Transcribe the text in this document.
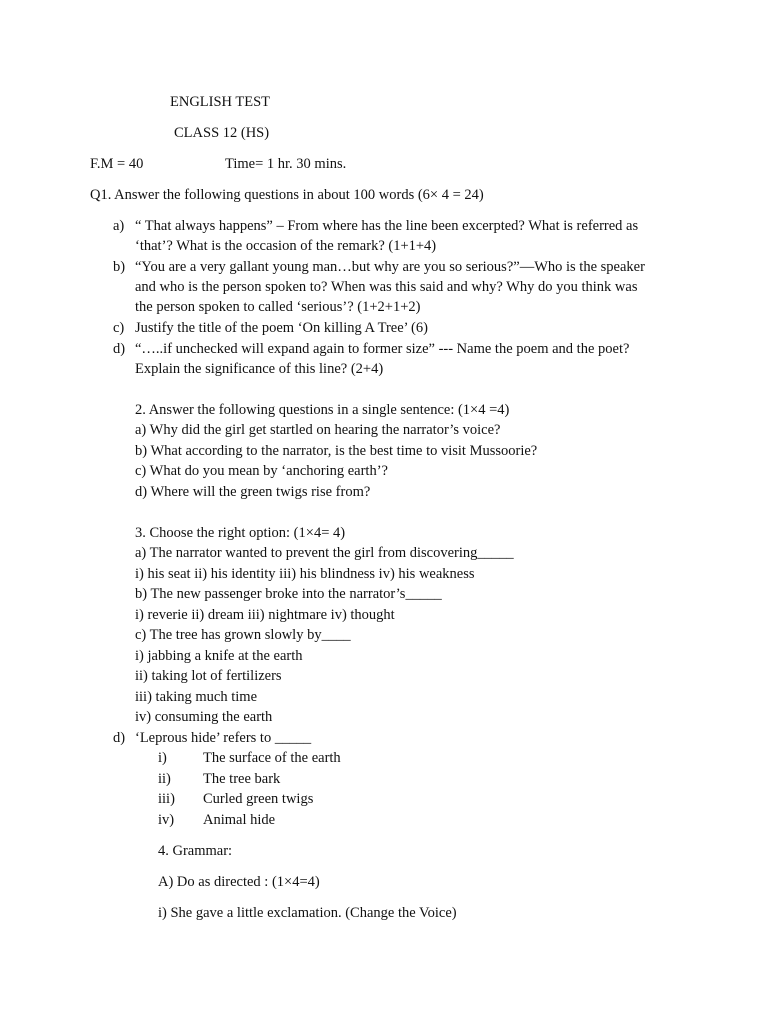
ENGLISH TEST
CLASS 12 (HS)
F.M = 40	Time= 1 hr. 30 mins.
Q1. Answer the following questions in about 100 words (6× 4 = 24)
a) “ That always happens” – From where has the line been excerpted? What is referred as
‘that’? What is the occasion of the remark? (1+1+4)
b) “You are a very gallant young man…but why are you so serious?”—Who is the speaker
and who is the person spoken to? When was this said and why? Why do you think was
the person spoken to called ‘serious’? (1+2+1+2)
c) Justify the title of the poem ‘On killing A Tree’ (6)
d) “…..if unchecked will expand again to former size” --- Name the poem and the poet?
Explain the significance of this line? (2+4)
2. Answer the following questions in a single sentence: (1×4 =4)
a) Why did the girl get startled on hearing the narrator’s voice?
b) What according to the narrator, is the best time to visit Mussoorie?
c) What do you mean by ‘anchoring earth’?
d) Where will the green twigs rise from?
3. Choose the right option: (1×4= 4)
a) The narrator wanted to prevent the girl from discovering_____
i) his seat ii) his identity iii) his blindness iv) his weakness
b) The new passenger broke into the narrator’s_____
i) reverie ii) dream iii) nightmare iv) thought
c) The tree has grown slowly by____
i) jabbing a knife at the earth
ii) taking lot of fertilizers
iii) taking much time
iv) consuming the earth
d) ‘Leprous hide’ refers to _____
i) The surface of the earth
ii) The tree bark
iii) Curled green twigs
iv) Animal hide
4. Grammar:
A) Do as directed : (1×4=4)
i) She gave a little exclamation. (Change the Voice)
